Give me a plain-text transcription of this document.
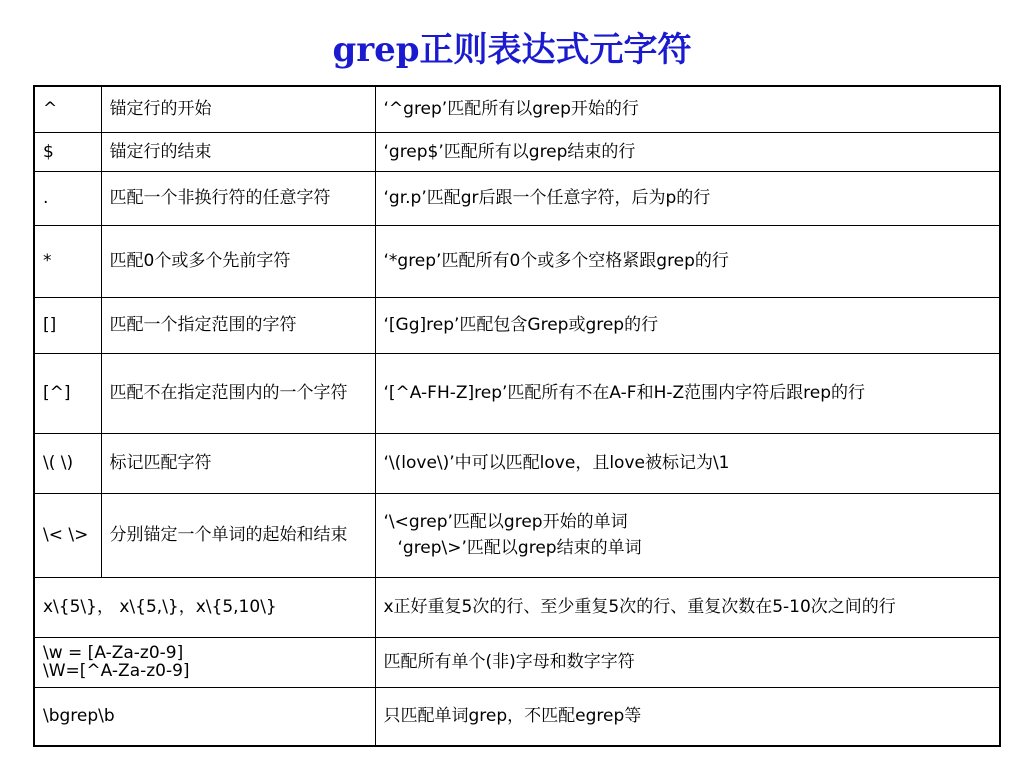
grep正则表达式元字符
^	锚定行的开始	‘^grep’匹配所有以grep开始的行
$	锚定行的结束	‘grep$’匹配所有以grep结束的行
.	匹配一个非换行符的任意字符	‘gr.p’匹配gr后跟一个任意字符，后为p的行
*	匹配0个或多个先前字符	‘*grep’匹配所有0个或多个空格紧跟grep的行
[]	匹配一个指定范围的字符	‘[Gg]rep’匹配包含Grep或grep的行
[^]	匹配不在指定范围内的一个字符	‘[^A-FH-Z]rep’匹配所有不在A-F和H-Z范围内字符后跟rep的行
\( \)	标记匹配字符	‘\(love\)’中可以匹配love，且love被标记为\1
\< \>	分别锚定一个单词的起始和结束	‘\<grep’匹配以grep开始的单词
‘grep\>’匹配以grep结束的单词

x\{5\}， x\{5,\}，x\{5,10\}		x正好重复5次的行、至少重复5次的行、重复次数在5-10次之间的行

\w = [A-Za-z0-9]
\W=[^A-Za-z0-9]		匹配所有单个(非)字母和数字字符
\bgrep\b		只匹配单词grep，不匹配egrep等
